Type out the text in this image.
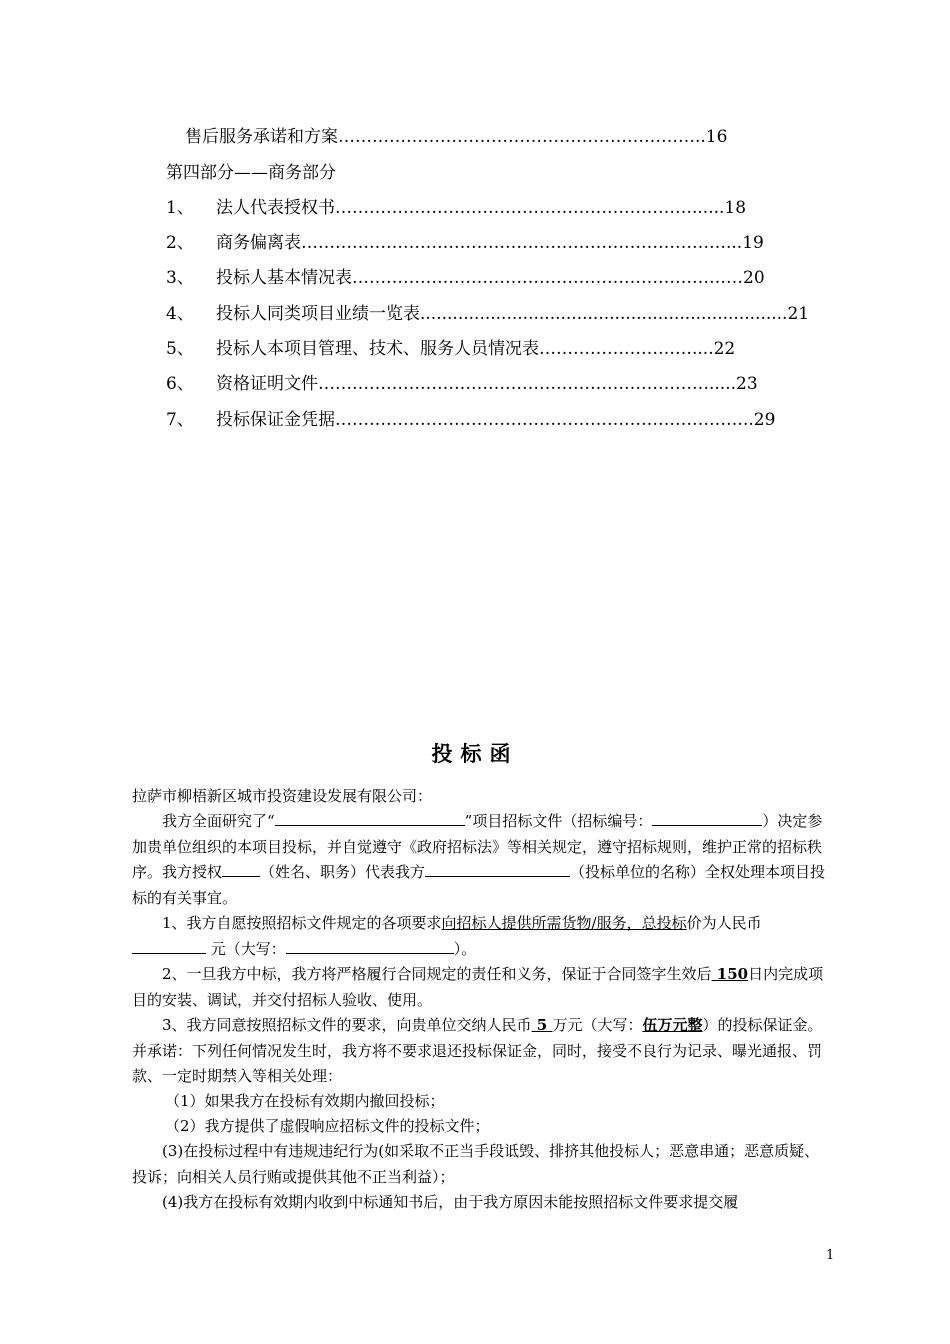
售后服务承诺和方案………………………………………………………..16
第四部分——商务部分
1、 法人代表授权书………………………………………………………......18
2、 商务偏离表…………………………………………………………………...19
3、 投标人基本情况表……………………………………………………………20
4、 投标人同类项目业绩一览表....................................................................21
5、 投标人本项目管理、技术、服务人员情况表………………………....22
6、 资格证明文件…………………………………………………………….....23
7、 投标保证金凭据………………………………………………………………..29
投标函
拉萨市柳梧新区城市投资建设发展有限公司：
我方全面研究了“	”项目招标文件（招标编号：	）决定参加贵单位组织的本项目投标，并自觉遵守《政府招标法》等相关规定，遵守招标规则，维护正常的招标秩序。我方授权	（姓名、职务）代表我方	（投标单位的名称）全权处理本项目投标的有关事宜。
1、我方自愿按照招标文件规定的各项要求向招标人提供所需货物/服务，总投标价为人民币 元（大写：	）。
2、一旦我方中标，我方将严格履行合同规定的责任和义务，保证于合同签字生效后 150日内完成项目的安装、调试，并交付招标人验收、使用。
3、我方同意按照招标文件的要求，向贵单位交纳人民币 5 万元（大写：伍万元整）的投标保证金。并承诺：下列任何情况发生时，我方将不要求退还投标保证金，同时，接受不良行为记录、曝光通报、罚款、一定时期禁入等相关处理：
（1）如果我方在投标有效期内撤回投标；
（2）我方提供了虚假响应招标文件的投标文件；
(3)在投标过程中有违规违纪行为(如采取不正当手段诋毁、排挤其他投标人；恶意串通；恶意质疑、投诉；向相关人员行贿或提供其他不正当利益）；
(4)我方在投标有效期内收到中标通知书后，由于我方原因未能按照招标文件要求提交履
1
